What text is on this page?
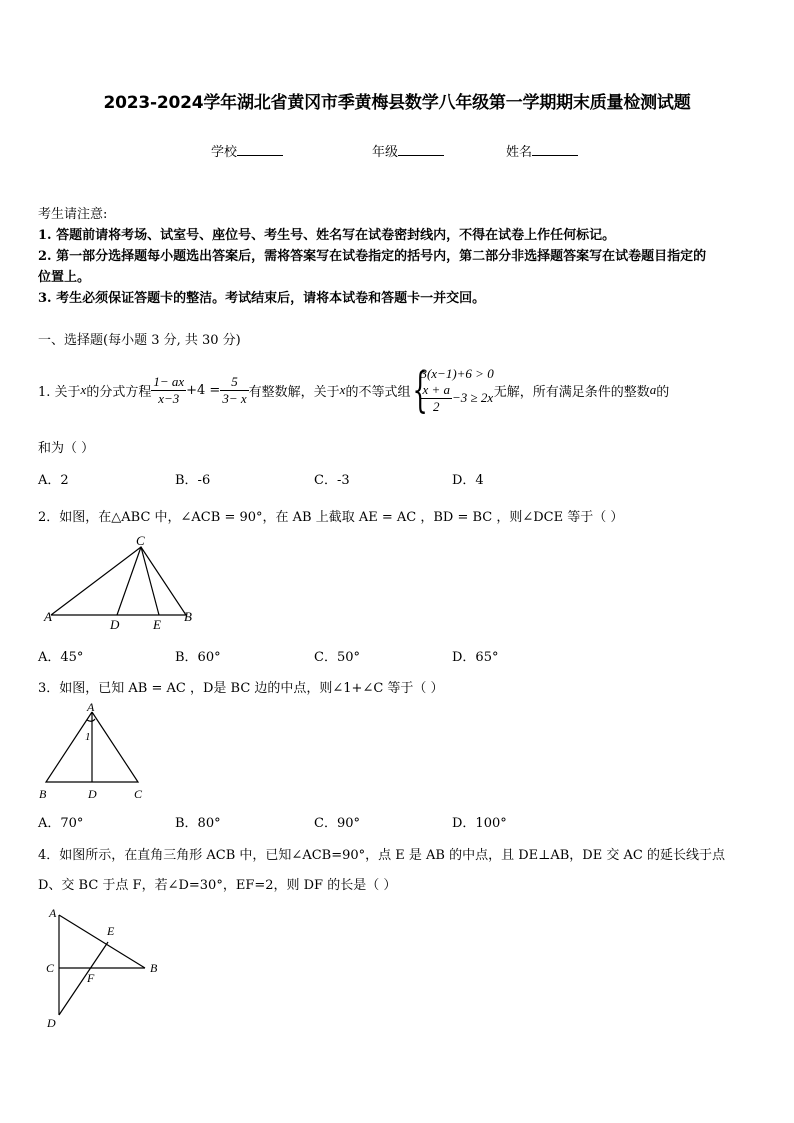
2023-2024学年湖北省黄冈市季黄梅县数学八年级第一学期期末质量检测试题
学校	年级	姓名
考生请注意:
1. 答题前请将考场、试室号、座位号、考生号、姓名写在试卷密封线内，不得在试卷上作任何标记。
2. 第一部分选择题每小题选出答案后，需将答案写在试卷指定的括号内，第二部分非选择题答案写在试卷题目指定的
位置上。
3. 考生必须保证答题卡的整洁。考试结束后，请将本试卷和答题卡一并交回。
一、选择题(每小题 3 分, 共 30 分)
1. 关于 x 的分式方程 $\frac{1- ax}{x-3} +4 = \frac{5}{3- x}$ 有整数解，关于 x 的不等式组 {
3(x−1)+6 > 0
$\frac{x + a}{2} -3 \ge 2x$ 无解，所有满足条件的整数 a 的
和为（ ）
A．2	B．-6	C．-3	D．4
2．如图，在△ABC 中，∠ACB = 90°，在 AB 上截取 AE = AC ，BD = BC ，则∠DCE 等于（ ）
C
A	B
D	E
A．45°	B．60°	C．50°	D．65°
3．如图，已知 AB = AC ，D是 BC 边的中点，则∠1+∠C 等于（ ）
A
1
B	D	C
A．70°	B．80°	C．90°	D．100°
4．如图所示，在直角三角形 ACB 中，已知∠ACB=90°，点 E 是 AB 的中点，且 DE⊥AB，DE 交 AC 的延长线于点
D、交 BC 于点 F，若∠D=30°，EF=2，则 DF 的长是（ ）
A
E
C	B
F
D
